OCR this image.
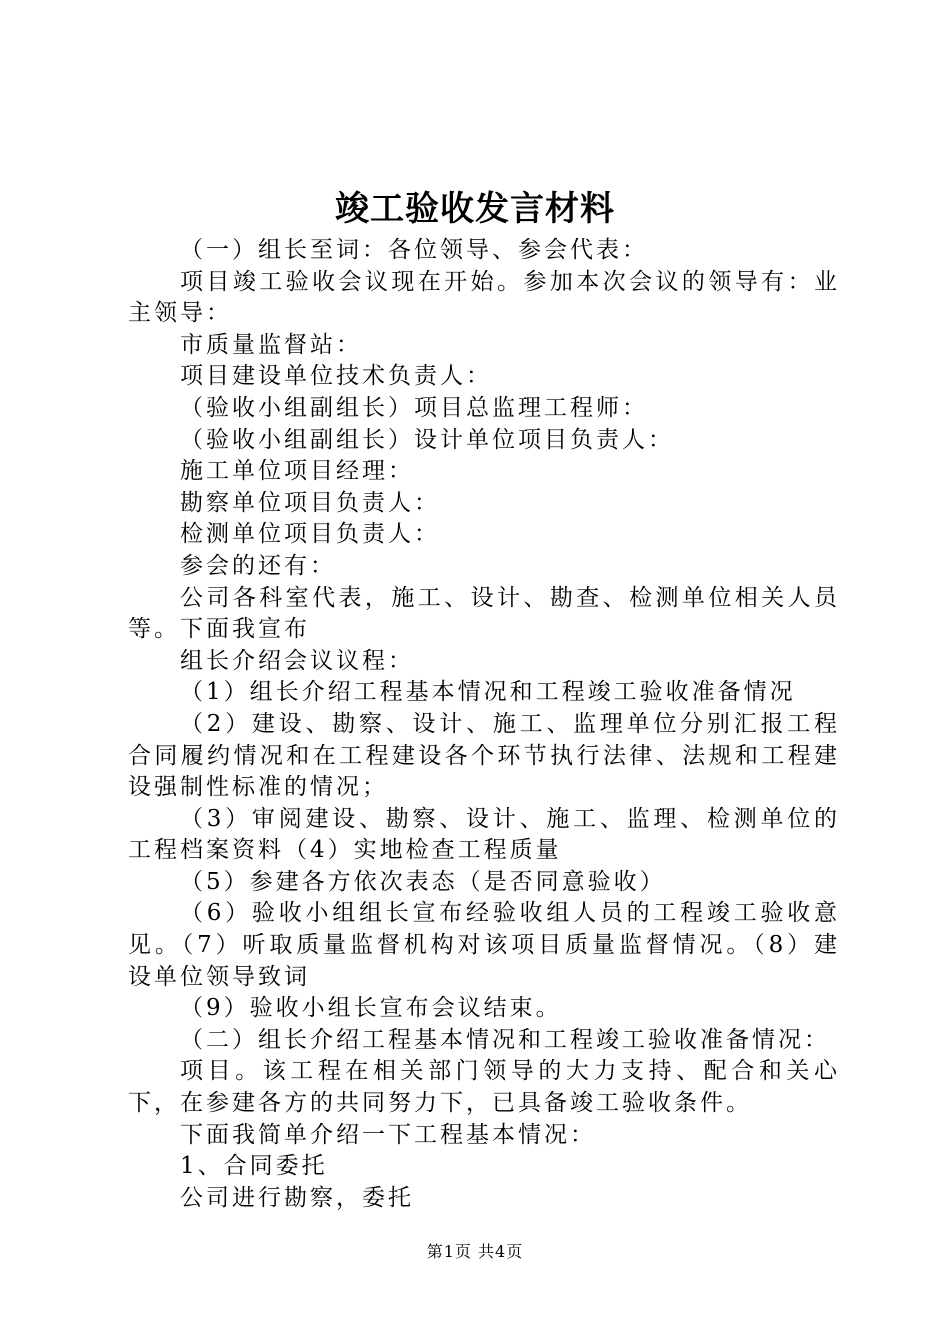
竣工验收发言材料

（一）组长至词：各位领导、参会代表：

项目竣工验收会议现在开始。参加本次会议的领导有：业主领导：

市质量监督站：

项目建设单位技术负责人：

（验收小组副组长）项目总监理工程师：

（验收小组副组长）设计单位项目负责人：

施工单位项目经理：

勘察单位项目负责人：

检测单位项目负责人：

参会的还有：

公司各科室代表，施工、设计、勘查、检测单位相关人员等。下面我宣布

组长介绍会议议程：

（1）组长介绍工程基本情况和工程竣工验收准备情况

（2）建设、勘察、设计、施工、监理单位分别汇报工程合同履约情况和在工程建设各个环节执行法律、法规和工程建设强制性标准的情况；

（3）审阅建设、勘察、设计、施工、监理、检测单位的工程档案资料（4）实地检查工程质量

（5）参建各方依次表态（是否同意验收）

（6）验收小组组长宣布经验收组人员的工程竣工验收意见。（7）听取质量监督机构对该项目质量监督情况。（8）建设单位领导致词

（9）验收小组长宣布会议结束。

（二）组长介绍工程基本情况和工程竣工验收准备情况：

项目。该工程在相关部门领导的大力支持、配合和关心下，在参建各方的共同努力下，已具备竣工验收条件。

下面我简单介绍一下工程基本情况：

1、合同委托

公司进行勘察，委托

第1页 共4页
